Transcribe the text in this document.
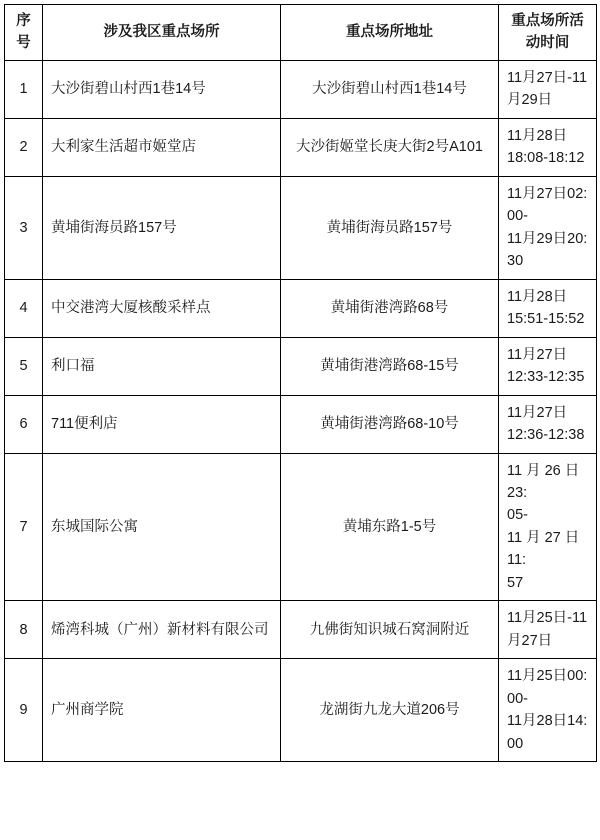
序号	涉及我区重点场所	重点场所地址	重点场所活动时间
1	大沙街碧山村西1巷14号	大沙街碧山村西1巷14号	11月27日-11
月29日

2	大利家生活超市姬堂店	大沙街姬堂长庚大街2号A101	11月28日
18:08-18:12

3	黄埔街海员路157号	黄埔街海员路157号	11月27日02:
00-
11月29日20:
30

4	中交港湾大厦核酸采样点	黄埔街港湾路68号	11月28日
15:51-15:52

5	利口福	黄埔街港湾路68-15号	11月27日
12:33-12:35

6	711便利店	黄埔街港湾路68-10号	11月27日
12:36-12:38

7	东城国际公寓	黄埔东路1-5号	11 月 26 日 23:
05-
11 月 27 日 11:
57

8	烯湾科城（广州）新材料有限公司	九佛街知识城石窝洞附近	11月25日-11
月27日

9	广州商学院	龙湖街九龙大道206号	11月25日00:
00-
11月28日14:
00
